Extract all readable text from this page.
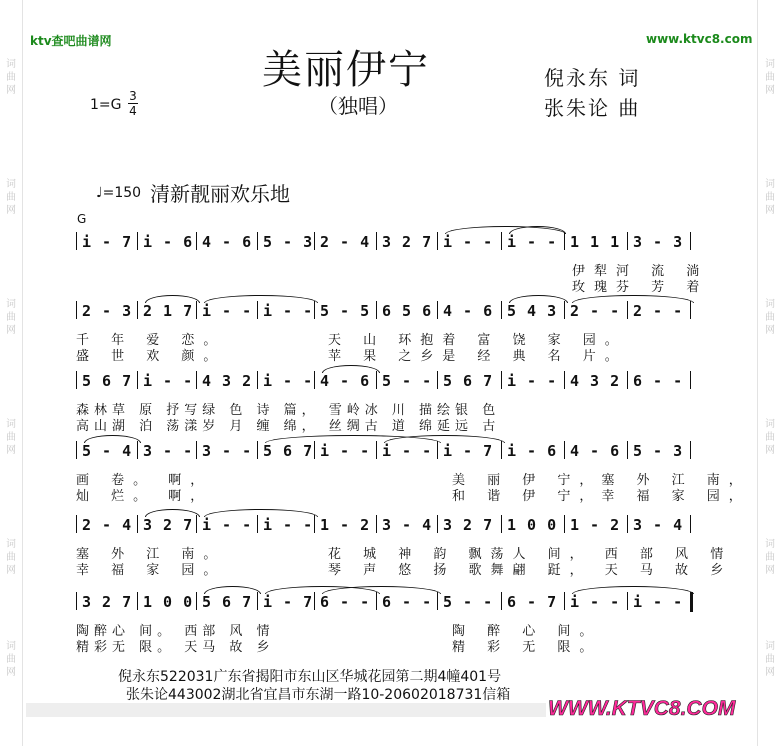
词曲网
词曲网
词曲网
词曲网
词曲网
词曲网
词曲网
词曲网
词曲网
词曲网
词曲网
词曲网
ktv查吧曲谱网	www.ktvc8.com
美丽伊宁
（独唱）
倪永东 词
张朱论 曲
1=G
3
4
♩=150 清新靓丽欢乐地
G
i - 7 i - 6 4 - 6 5 - 3 2 - 4 3 2 7 i - - i - - 1 1 1 3 - 3
伊犁河 流 淌
玫瑰芬 芳 着
2 - 3 2 1 7 i - - i - - 5 - 5 6 5 6 4 - 6 5 4 3 2 - - 2 - -
千 年 爱 恋。	天 山 环抱着 富 饶 家 园。
盛 世 欢 颜。	苹 果 之乡是 经 典 名 片。
5 6 7 i - - 4 3 2 i - - 4 - 6 5 - - 5 6 7 i - - 4 3 2 6 - -
森林草 原 抒写绿 色 诗 篇， 雪岭冰 川 描绘银 色
高山湖 泊 荡漾岁 月 缠 绵， 丝绸古 道 绵延远 古
5 - 4 3 - - 3 - - 5 6 7 i - - i - - i - 7 i - 6 4 - 6 5 - 3
画 卷。 啊，	美 丽 伊 宁，塞 外 江 南，
灿 烂。 啊，	和 谐 伊 宁，幸 福 家 园，
2 - 4 3 2 7 i - - i - - 1 - 2 3 - 4 3 2 7 1 0 0 1 - 2 3 - 4
塞 外 江 南。	花 城 神 韵 飘荡人 间， 西 部 风 情
幸 福 家 园。	琴 声 悠 扬 歌舞翩 跹， 天 马 故 乡
3 2 7 1 0 0 5 6 7 i - 7 6 - - 6 - - 5 - - 6 - 7 i - - i - -
陶醉心 间。 西部 风 情	陶 醉 心 间。
精彩无 限。 天马 故 乡	精 彩 无 限。
倪永东522031广东省揭阳市东山区华城花园第二期4幢401号
张朱论443002湖北省宜昌市东湖一路10-20602018731信箱
WWW.KTVC8.COM
